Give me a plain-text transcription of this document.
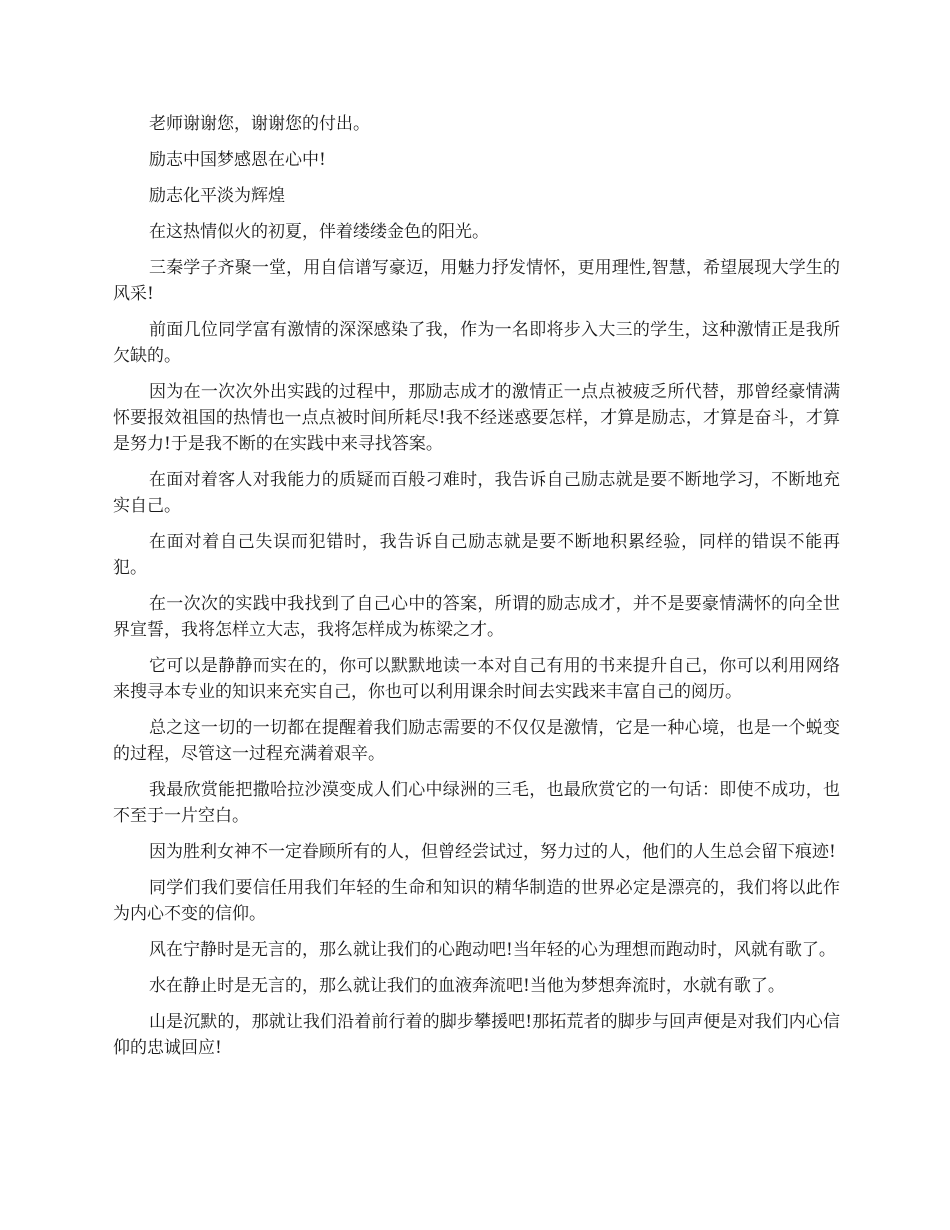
老师谢谢您，谢谢您的付出。

励志中国梦感恩在心中!

励志化平淡为辉煌

在这热情似火的初夏，伴着缕缕金色的阳光。

三秦学子齐聚一堂，用自信谱写豪迈，用魅力抒发情怀，更用理性,智慧，希望展现大学生的风采!

前面几位同学富有激情的深深感染了我，作为一名即将步入大三的学生，这种激情正是我所欠缺的。

因为在一次次外出实践的过程中，那励志成才的激情正一点点被疲乏所代替，那曾经豪情满怀要报效祖国的热情也一点点被时间所耗尽!我不经迷惑要怎样，才算是励志，才算是奋斗，才算是努力!于是我不断的在实践中来寻找答案。

在面对着客人对我能力的质疑而百般刁难时，我告诉自己励志就是要不断地学习，不断地充实自己。

在面对着自己失误而犯错时，我告诉自己励志就是要不断地积累经验，同样的错误不能再犯。

在一次次的实践中我找到了自己心中的答案，所谓的励志成才，并不是要豪情满怀的向全世界宣誓，我将怎样立大志，我将怎样成为栋梁之才。

它可以是静静而实在的，你可以默默地读一本对自己有用的书来提升自己，你可以利用网络来搜寻本专业的知识来充实自己，你也可以利用课余时间去实践来丰富自己的阅历。

总之这一切的一切都在提醒着我们励志需要的不仅仅是激情，它是一种心境，也是一个蜕变的过程，尽管这一过程充满着艰辛。

我最欣赏能把撒哈拉沙漠变成人们心中绿洲的三毛，也最欣赏它的一句话：即使不成功，也不至于一片空白。

因为胜利女神不一定眷顾所有的人，但曾经尝试过，努力过的人，他们的人生总会留下痕迹!

同学们我们要信任用我们年轻的生命和知识的精华制造的世界必定是漂亮的，我们将以此作为内心不变的信仰。

风在宁静时是无言的，那么就让我们的心跑动吧!当年轻的心为理想而跑动时，风就有歌了。

水在静止时是无言的，那么就让我们的血液奔流吧!当他为梦想奔流时，水就有歌了。

山是沉默的，那就让我们沿着前行着的脚步攀援吧!那拓荒者的脚步与回声便是对我们内心信仰的忠诚回应!
